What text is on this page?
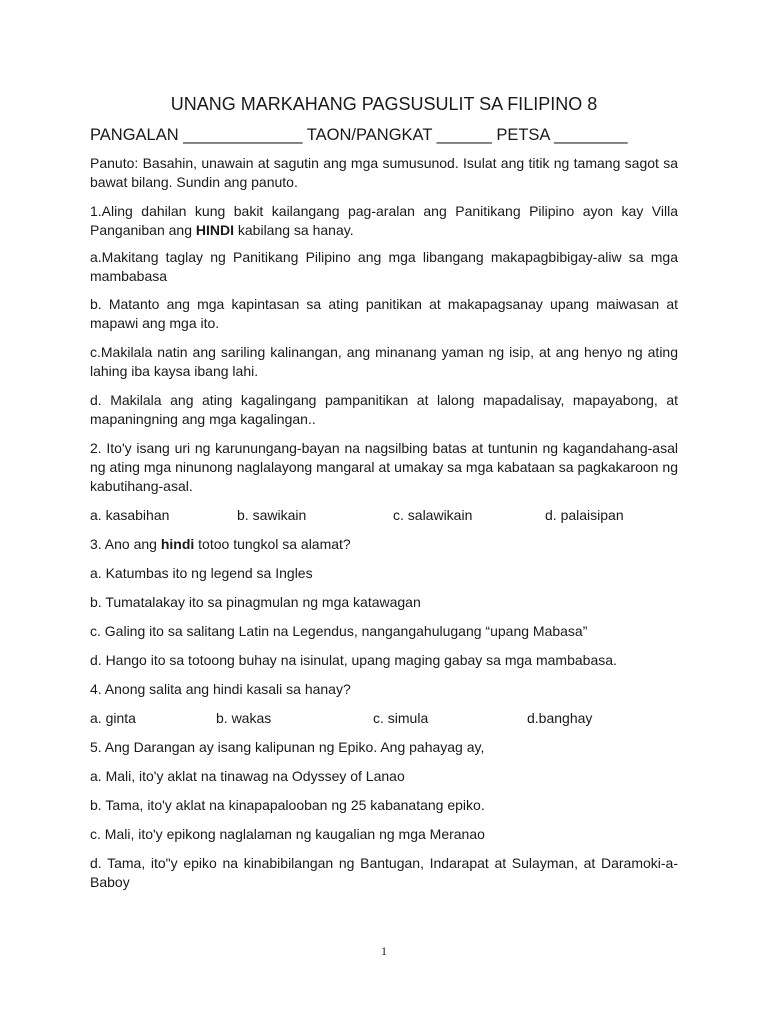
UNANG MARKAHANG PAGSUSULIT SA FILIPINO 8
PANGALAN _____________ TAON/PANGKAT ______ PETSA ________

Panuto: Basahin, unawain at sagutin ang mga sumusunod. Isulat ang titik ng tamang sagot sa bawat bilang. Sundin ang panuto.

1.Aling dahilan kung bakit kailangang pag-aralan ang Panitikang Pilipino ayon kay Villa Panganiban ang HINDI kabilang sa hanay.

a.Makitang taglay ng Panitikang Pilipino ang mga libangang makapagbibigay-aliw sa mga mambabasa

b. Matanto ang mga kapintasan sa ating panitikan at makapagsanay upang maiwasan at mapawi ang mga ito.

c.Makilala natin ang sariling kalinangan, ang minanang yaman ng isip, at ang henyo ng ating lahing iba kaysa ibang lahi.

d. Makilala ang ating kagalingang pampanitikan at lalong mapadalisay, mapayabong, at mapaningning ang mga kagalingan..

2. Ito'y isang uri ng karunungang-bayan na nagsilbing batas at tuntunin ng kagandahang-asal ng ating mga ninunong naglalayong mangaral at umakay sa mga kabataan sa pagkakaroon ng kabutihang-asal.

a. kasabihan	b. sawikain	c. salawikain	d. palaisipan

3. Ano ang hindi totoo tungkol sa alamat?

a. Katumbas ito ng legend sa Ingles

b. Tumatalakay ito sa pinagmulan ng mga katawagan

c. Galing ito sa salitang Latin na Legendus, nangangahulugang “upang Mabasa”

d. Hango ito sa totoong buhay na isinulat, upang maging gabay sa mga mambabasa.

4. Anong salita ang hindi kasali sa hanay?

a. ginta	b. wakas	c. simula	d.banghay

5. Ang Darangan ay isang kalipunan ng Epiko. Ang pahayag ay,

a. Mali, ito'y aklat na tinawag na Odyssey of Lanao

b. Tama, ito'y aklat na kinapapalooban ng 25 kabanatang epiko.

c. Mali, ito'y epikong naglalaman ng kaugalian ng mga Meranao

d. Tama, ito"y epiko na kinabibilangan ng Bantugan, Indarapat at Sulayman, at Daramoki-a-Baboy

1
